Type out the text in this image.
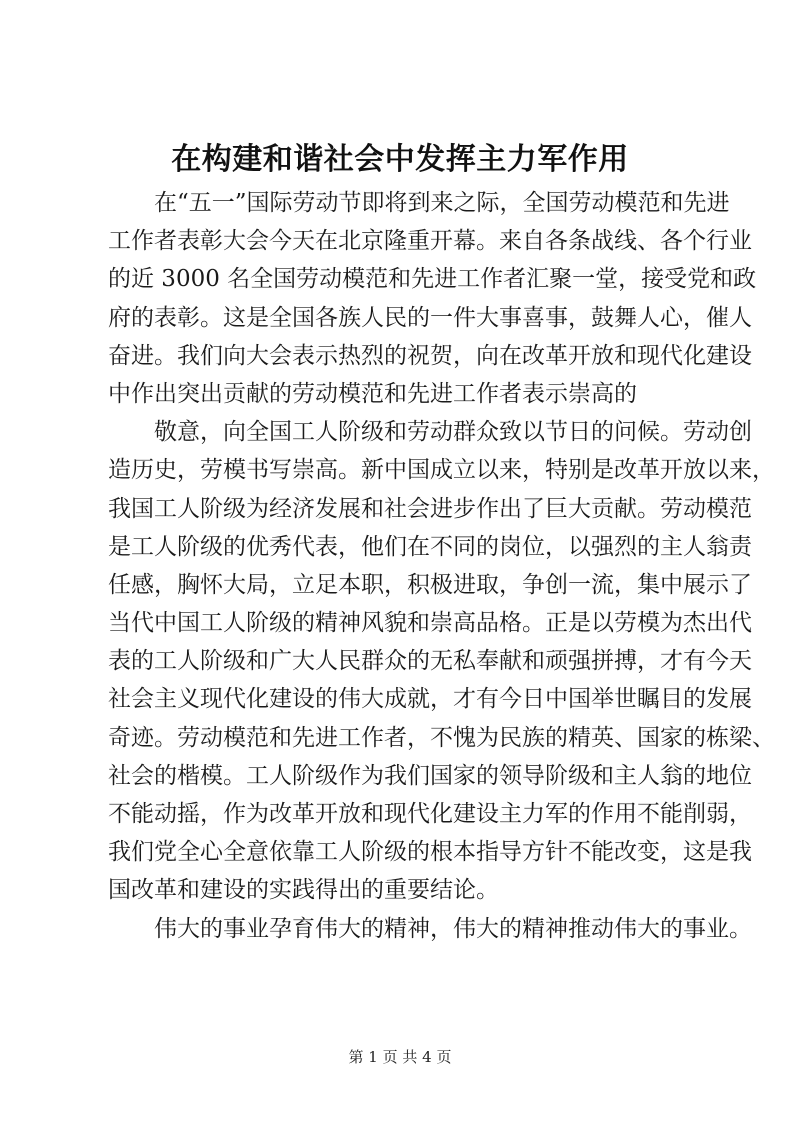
在构建和谐社会中发挥主力军作用
在“五一”国际劳动节即将到来之际，全国劳动模范和先进
工作者表彰大会今天在北京隆重开幕。来自各条战线、各个行业
的近 3000 名全国劳动模范和先进工作者汇聚一堂，接受党和政
府的表彰。这是全国各族人民的一件大事喜事，鼓舞人心，催人
奋进。我们向大会表示热烈的祝贺，向在改革开放和现代化建设
中作出突出贡献的劳动模范和先进工作者表示崇高的
敬意，向全国工人阶级和劳动群众致以节日的问候。劳动创
造历史，劳模书写崇高。新中国成立以来，特别是改革开放以来，
我国工人阶级为经济发展和社会进步作出了巨大贡献。劳动模范
是工人阶级的优秀代表，他们在不同的岗位，以强烈的主人翁责
任感，胸怀大局，立足本职，积极进取，争创一流，集中展示了
当代中国工人阶级的精神风貌和崇高品格。正是以劳模为杰出代
表的工人阶级和广大人民群众的无私奉献和顽强拼搏，才有今天
社会主义现代化建设的伟大成就，才有今日中国举世瞩目的发展
奇迹。劳动模范和先进工作者，不愧为民族的精英、国家的栋梁、
社会的楷模。工人阶级作为我们国家的领导阶级和主人翁的地位
不能动摇，作为改革开放和现代化建设主力军的作用不能削弱，
我们党全心全意依靠工人阶级的根本指导方针不能改变，这是我
国改革和建设的实践得出的重要结论。
伟大的事业孕育伟大的精神，伟大的精神推动伟大的事业。
第 1 页 共 4 页
